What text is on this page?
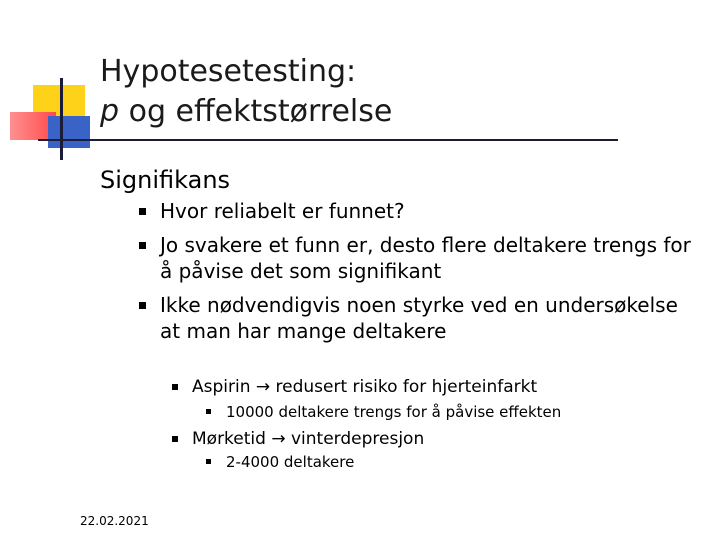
Hypotesetesting:
p og effektstørrelse
Signifikans
Hvor reliabelt er funnet?
Jo svakere et funn er, desto flere deltakere trengs for å påvise det som signifikant
Ikke nødvendigvis noen styrke ved en undersøkelse at man har mange deltakere
Aspirin → redusert risiko for hjerteinfarkt
10000 deltakere trengs for å påvise effekten
Mørketid → vinterdepresjon
2-4000 deltakere
22.02.2021
